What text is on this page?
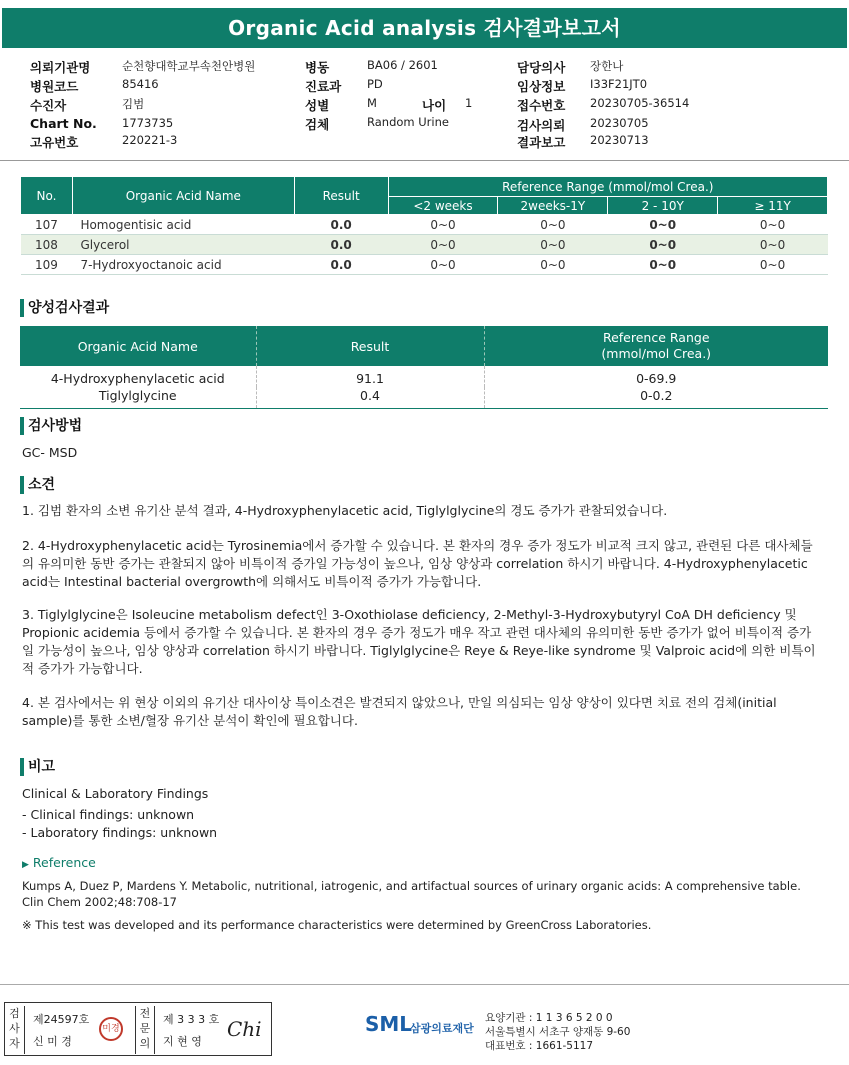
Organic Acid analysis 검사결과보고서
의뢰기관명	순천향대학교부속천안병원
병원코드	85416
수진자	김범
Chart No. 1773735
고유번호	220221-3
병동	BA06 / 2601
진료과 PD
성별	M	나이 1
검체	Random Urine
담당의사 장한나
임상정보 I33F21JT0
접수번호 20230705-36514
검사의뢰 20230705
결과보고 20230713
No.	Organic Acid Name	Result	Reference Range (mmol/mol Crea.)			
			<2 weeks	2weeks-1Y	2 - 10Y	≥ 11Y
107	Homogentisic acid	0.0	0~0	0~0	0~0	0~0
108	Glycerol	0.0	0~0	0~0	0~0	0~0
109	7-Hydroxyoctanoic acid	0.0	0~0	0~0	0~0	0~0
양성검사결과
Organic Acid Name	Result	Reference Range
(mmol/mol Crea.)

4-Hydroxyphenylacetic acid	91.1	0-69.9
Tiglylglycine	0.4	0-0.2
검사방법
GC- MSD
소견
1. 김범 환자의 소변 유기산 분석 결과, 4-Hydroxyphenylacetic acid, Tiglylglycine의 경도 증가가 관찰되었습니다.
2. 4-Hydroxyphenylacetic acid는 Tyrosinemia에서 증가할 수 있습니다. 본 환자의 경우 증가 정도가 비교적 크지 않고, 관련된 다른 대사체들의 유의미한 동반 증가는 관찰되지 않아 비특이적 증가일 가능성이 높으나, 임상 양상과 correlation 하시기 바랍니다. 4-Hydroxyphenylacetic acid는 Intestinal bacterial overgrowth에 의해서도 비특이적 증가가 가능합니다.
3. Tiglylglycine은 Isoleucine metabolism defect인 3-Oxothiolase deficiency, 2-Methyl-3-Hydroxybutyryl CoA DH deficiency 및 Propionic acidemia 등에서 증가할 수 있습니다. 본 환자의 경우 증가 정도가 매우 작고 관련 대사체의 유의미한 동반 증가가 없어 비특이적 증가일 가능성이 높으나, 임상 양상과 correlation 하시기 바랍니다. Tiglylglycine은 Reye & Reye-like syndrome 및 Valproic acid에 의한 비특이적 증가가 가능합니다.
4. 본 검사에서는 위 현상 이외의 유기산 대사이상 특이소견은 발견되지 않았으나, 만일 의심되는 임상 양상이 있다면 치료 전의 검체(initial sample)를 통한 소변/혈장 유기산 분석이 확인에 필요합니다.
비고
Clinical & Laboratory Findings
- Clinical findings: unknown
- Laboratory findings: unknown
▶ Reference
Kumps A, Duez P, Mardens Y. Metabolic, nutritional, iatrogenic, and artifactual sources of urinary organic acids: A comprehensive table. Clin Chem 2002;48:708-17
※ This test was developed and its performance characteristics were determined by GreenCross Laboratories.
검
사
자
제24597호
신 미 경
미경
전
문
의
제 3 3 3 호
지 현 영
Chi	SML
삼광의료재단
요양기관 : 1 1 3 6 5 2 0 0
서울특별시 서초구 양재동 9-60
대표번호 : 1661-5117
